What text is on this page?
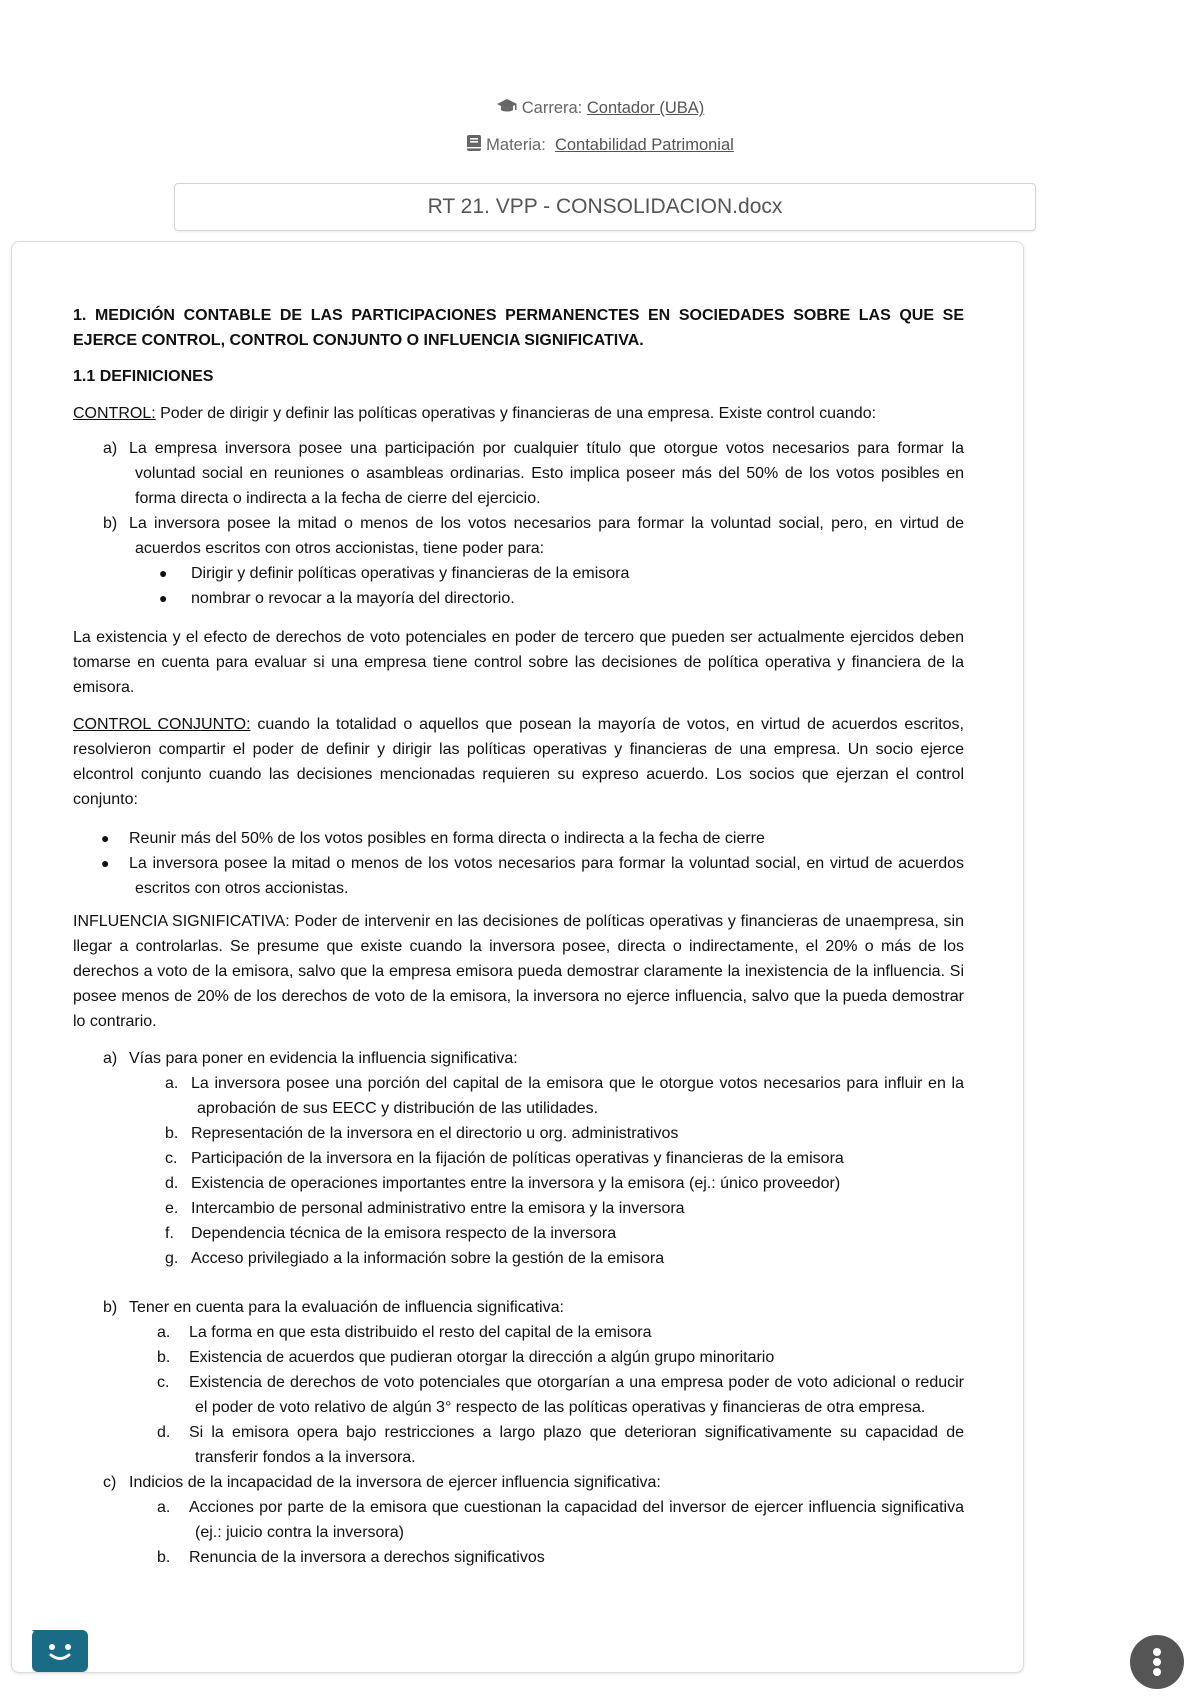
Carrera: Contador (UBA)
Materia: Contabilidad Patrimonial
RT 21. VPP - CONSOLIDACION.docx

1. MEDICIÓN CONTABLE DE LAS PARTICIPACIONES PERMANENCTES EN SOCIEDADES SOBRE LAS QUE SE EJERCE CONTROL, CONTROL CONJUNTO O INFLUENCIA SIGNIFICATIVA.

1.1 DEFINICIONES

CONTROL: Poder de dirigir y definir las políticas operativas y financieras de una empresa. Existe control cuando:

a) La empresa inversora posee una participación por cualquier título que otorgue votos necesarios para formar la voluntad social en reuniones o asambleas ordinarias. Esto implica poseer más del 50% de los votos posibles en forma directa o indirecta a la fecha de cierre del ejercicio.
b) La inversora posee la mitad o menos de los votos necesarios para formar la voluntad social, pero, en virtud de acuerdos escritos con otros accionistas, tiene poder para:
● Dirigir y definir políticas operativas y financieras de la emisora
● nombrar o revocar a la mayoría del directorio.

La existencia y el efecto de derechos de voto potenciales en poder de tercero que pueden ser actualmente ejercidos deben tomarse en cuenta para evaluar si una empresa tiene control sobre las decisiones de política operativa y financiera de la emisora.

CONTROL CONJUNTO: cuando la totalidad o aquellos que posean la mayoría de votos, en virtud de acuerdos escritos, resolvieron compartir el poder de definir y dirigir las políticas operativas y financieras de una empresa. Un socio ejerce elcontrol conjunto cuando las decisiones mencionadas requieren su expreso acuerdo. Los socios que ejerzan el control conjunto:

● Reunir más del 50% de los votos posibles en forma directa o indirecta a la fecha de cierre
● La inversora posee la mitad o menos de los votos necesarios para formar la voluntad social, en virtud de acuerdos escritos con otros accionistas.

INFLUENCIA SIGNIFICATIVA: Poder de intervenir en las decisiones de políticas operativas y financieras de unaempresa, sin llegar a controlarlas. Se presume que existe cuando la inversora posee, directa o indirectamente, el 20% o más de los derechos a voto de la emisora, salvo que la empresa emisora pueda demostrar claramente la inexistencia de la influencia. Si posee menos de 20% de los derechos de voto de la emisora, la inversora no ejerce influencia, salvo que la pueda demostrar lo contrario.

a) Vías para poner en evidencia la influencia significativa:
a. La inversora posee una porción del capital de la emisora que le otorgue votos necesarios para influir en la aprobación de sus EECC y distribución de las utilidades.
b. Representación de la inversora en el directorio u org. administrativos
c. Participación de la inversora en la fijación de políticas operativas y financieras de la emisora
d. Existencia de operaciones importantes entre la inversora y la emisora (ej.: único proveedor)
e. Intercambio de personal administrativo entre la emisora y la inversora
f. Dependencia técnica de la emisora respecto de la inversora
g. Acceso privilegiado a la información sobre la gestión de la emisora
b) Tener en cuenta para la evaluación de influencia significativa:
a. La forma en que esta distribuido el resto del capital de la emisora
b. Existencia de acuerdos que pudieran otorgar la dirección a algún grupo minoritario
c. Existencia de derechos de voto potenciales que otorgarían a una empresa poder de voto adicional o reducir el poder de voto relativo de algún 3° respecto de las políticas operativas y financieras de otra empresa.
d. Si la emisora opera bajo restricciones a largo plazo que deterioran significativamente su capacidad de transferir fondos a la inversora.
c) Indicios de la incapacidad de la inversora de ejercer influencia significativa:
a. Acciones por parte de la emisora que cuestionan la capacidad del inversor de ejercer influencia significativa (ej.: juicio contra la inversora)
b. Renuncia de la inversora a derechos significativos
